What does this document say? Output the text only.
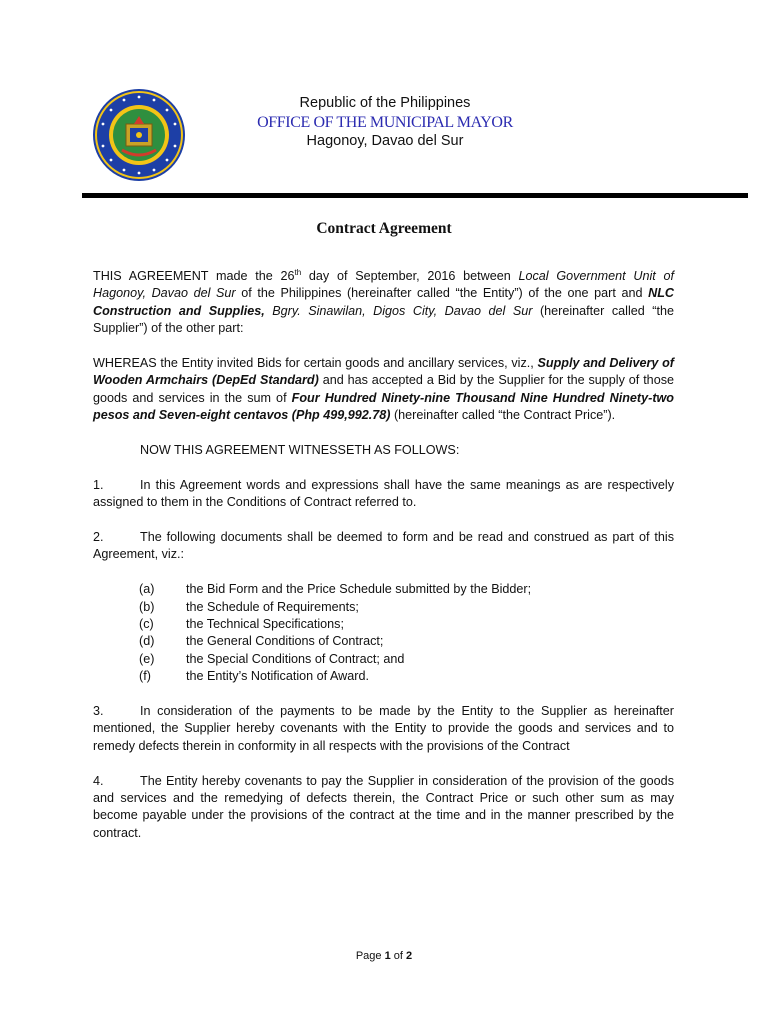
Republic of the Philippines
OFFICE OF THE MUNICIPAL MAYOR
Hagonoy, Davao del Sur
Contract Agreement

THIS AGREEMENT made the 26th day of September, 2016 between Local Government Unit of Hagonoy, Davao del Sur of the Philippines (hereinafter called “the Entity”) of the one part and NLC Construction and Supplies, Bgry. Sinawilan, Digos City, Davao del Sur (hereinafter called “the Supplier”) of the other part:

WHEREAS the Entity invited Bids for certain goods and ancillary services, viz., Supply and Delivery of Wooden Armchairs (DepEd Standard) and has accepted a Bid by the Supplier for the supply of those goods and services in the sum of Four Hundred Ninety-nine Thousand Nine Hundred Ninety-two pesos and Seven-eight centavos (Php 499,992.78) (hereinafter called “the Contract Price”).

NOW THIS AGREEMENT WITNESSETH AS FOLLOWS:

1.	In this Agreement words and expressions shall have the same meanings as are respectively assigned to them in the Conditions of Contract referred to.

2.	The following documents shall be deemed to form and be read and construed as part of this Agreement, viz.:

(a)	the Bid Form and the Price Schedule submitted by the Bidder;
(b)	the Schedule of Requirements;
(c)	the Technical Specifications;
(d)	the General Conditions of Contract;
(e)	the Special Conditions of Contract; and
(f)	the Entity’s Notification of Award.

3.	In consideration of the payments to be made by the Entity to the Supplier as hereinafter mentioned, the Supplier hereby covenants with the Entity to provide the goods and services and to remedy defects therein in conformity in all respects with the provisions of the Contract

4.	The Entity hereby covenants to pay the Supplier in consideration of the provision of the goods and services and the remedying of defects therein, the Contract Price or such other sum as may become payable under the provisions of the contract at the time and in the manner prescribed by the contract.

Page 1 of 2
